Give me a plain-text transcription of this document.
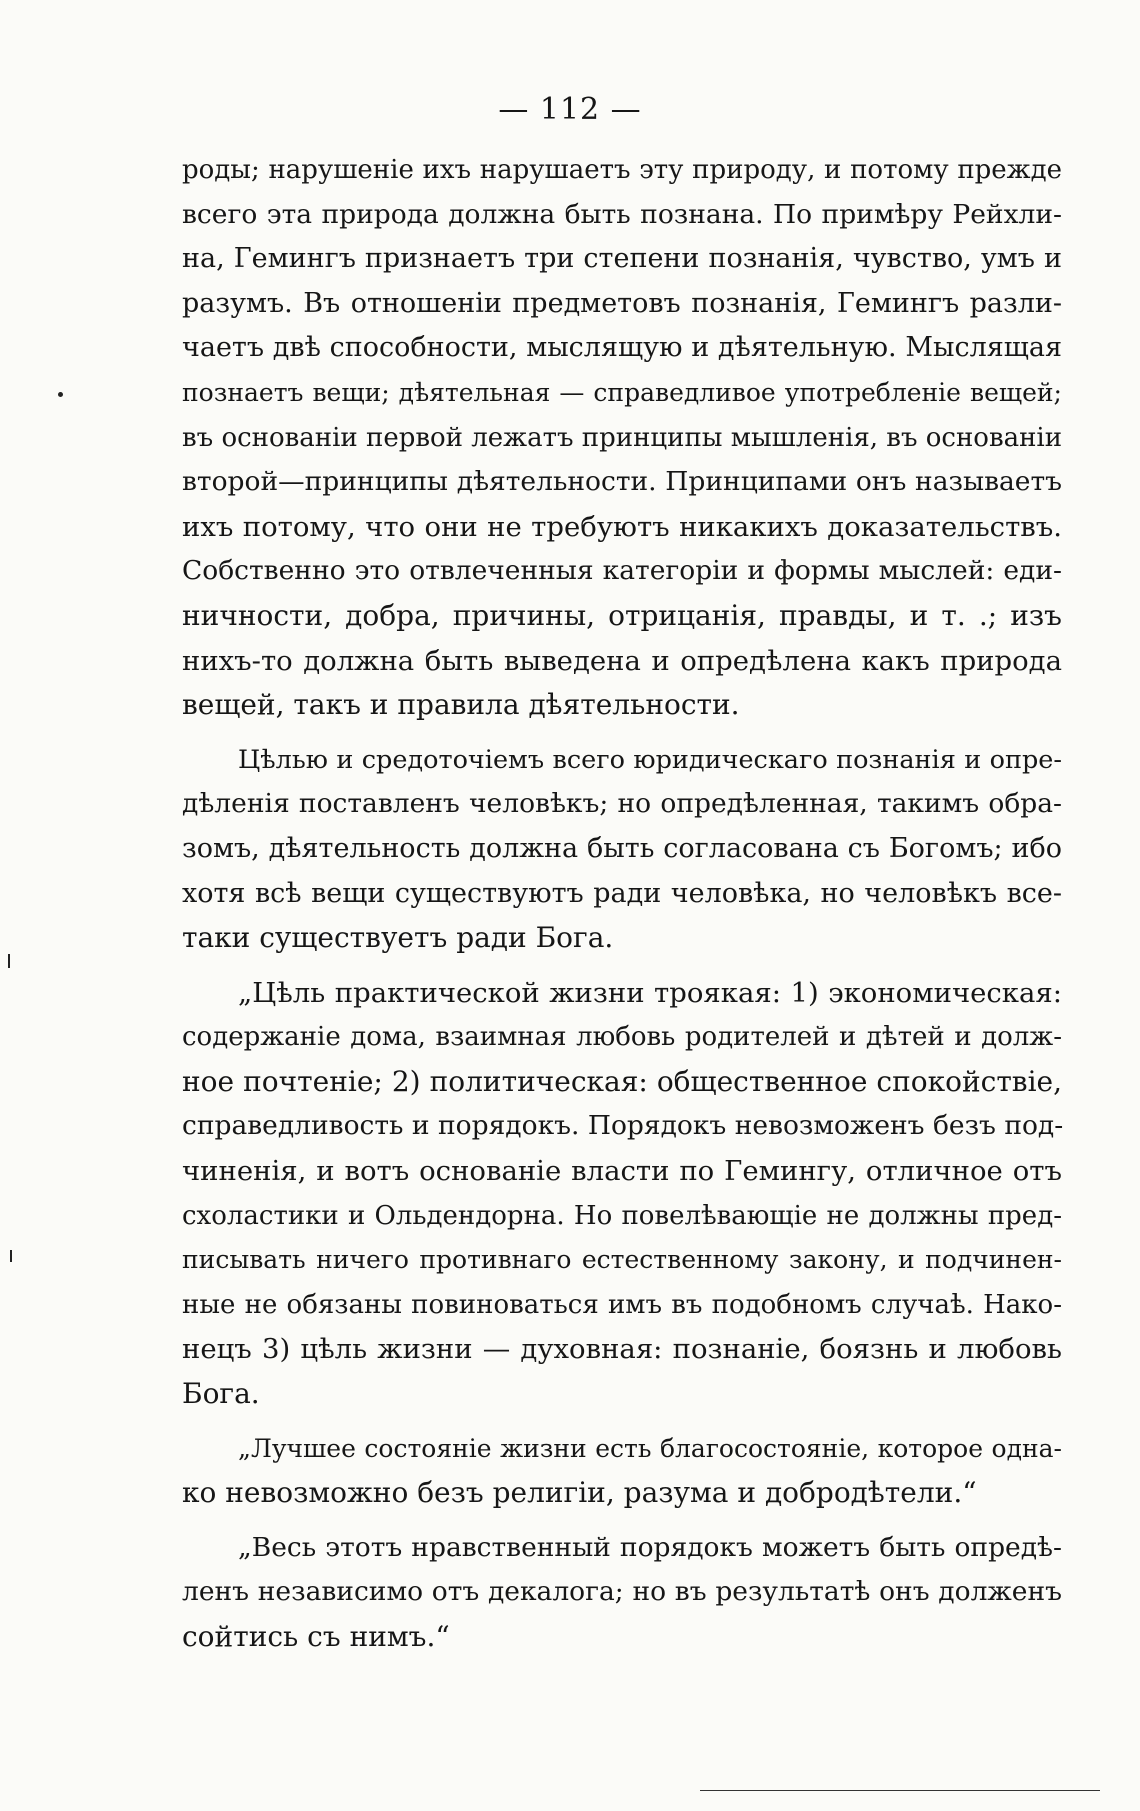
— 112 —
роды; нарушеніе ихъ нарушаетъ эту природу, и потому прежде
всего эта природа должна быть познана. По примѣру Рейхли-
на, Гемингъ признаетъ три степени познанія, чувство, умъ и
разумъ. Въ отношеніи предметовъ познанія, Гемингъ разли-
чаетъ двѣ способности, мыслящую и дѣятельную. Мыслящая
познаетъ вещи; дѣятельная — справедливое употребленіе вещей;
въ основаніи первой лежатъ принципы мышленія, въ основаніи
второй—принципы дѣятельности. Принципами онъ называетъ
ихъ потому, что они не требуютъ никакихъ доказательствъ.
Собственно это отвлеченныя категоріи и формы мыслей: еди-
ничности, добра, причины, отрицанія, правды, и т. .; изъ
нихъ-то должна быть выведена и опредѣлена какъ природа
вещей, такъ и правила дѣятельности.
Цѣлью и средоточіемъ всего юридическаго познанія и опре-
дѣленія поставленъ человѣкъ; но опредѣленная, такимъ обра-
зомъ, дѣятельность должна быть согласована съ Богомъ; ибо
хотя всѣ вещи существуютъ ради человѣка, но человѣкъ все-
таки существуетъ ради Бога.
„Цѣль практической жизни троякая: 1) экономическая:
содержаніе дома, взаимная любовь родителей и дѣтей и долж-
ное почтеніе; 2) политическая: общественное спокойствіе,
справедливость и порядокъ. Порядокъ невозможенъ безъ под-
чиненія, и вотъ основаніе власти по Гемингу, отличное отъ
схоластики и Ольдендорна. Но повелѣвающіе не должны пред-
писывать ничего противнаго естественному закону, и подчинен-
ные не обязаны повиноваться имъ въ подобномъ случаѣ. Нако-
нецъ 3) цѣль жизни — духовная: познаніе, боязнь и любовь
Бога.
„Лучшее состояніе жизни есть благосостояніе, которое одна-
ко невозможно безъ религіи, разума и добродѣтели.“
„Весь этотъ нравственный порядокъ можетъ быть опредѣ-
ленъ независимо отъ декалога; но въ результатѣ онъ долженъ
сойтись съ нимъ.“
